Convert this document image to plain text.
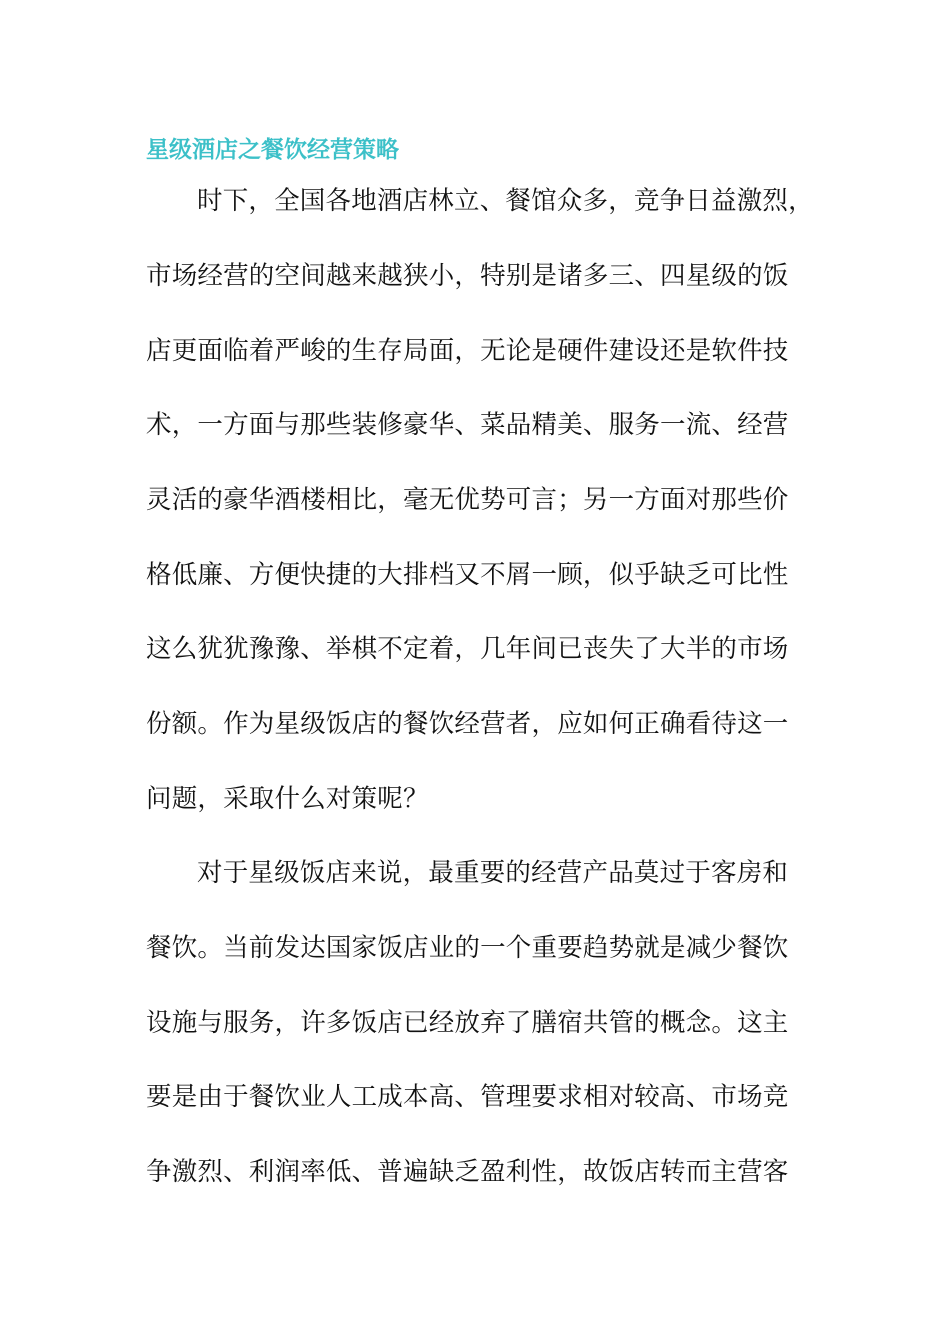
星级酒店之餐饮经营策略
时下，全国各地酒店林立、餐馆众多，竞争日益激烈，
市场经营的空间越来越狭小，特别是诸多三、四星级的饭
店更面临着严峻的生存局面，无论是硬件建设还是软件技
术，一方面与那些装修豪华、菜品精美、服务一流、经营
灵活的豪华酒楼相比，毫无优势可言；另一方面对那些价
格低廉、方便快捷的大排档又不屑一顾，似乎缺乏可比性
这么犹犹豫豫、举棋不定着，几年间已丧失了大半的市场
份额。作为星级饭店的餐饮经营者，应如何正确看待这一
问题，采取什么对策呢？
对于星级饭店来说，最重要的经营产品莫过于客房和
餐饮。当前发达国家饭店业的一个重要趋势就是减少餐饮
设施与服务，许多饭店已经放弃了膳宿共管的概念。这主
要是由于餐饮业人工成本高、管理要求相对较高、市场竞
争激烈、利润率低、普遍缺乏盈利性，故饭店转而主营客
